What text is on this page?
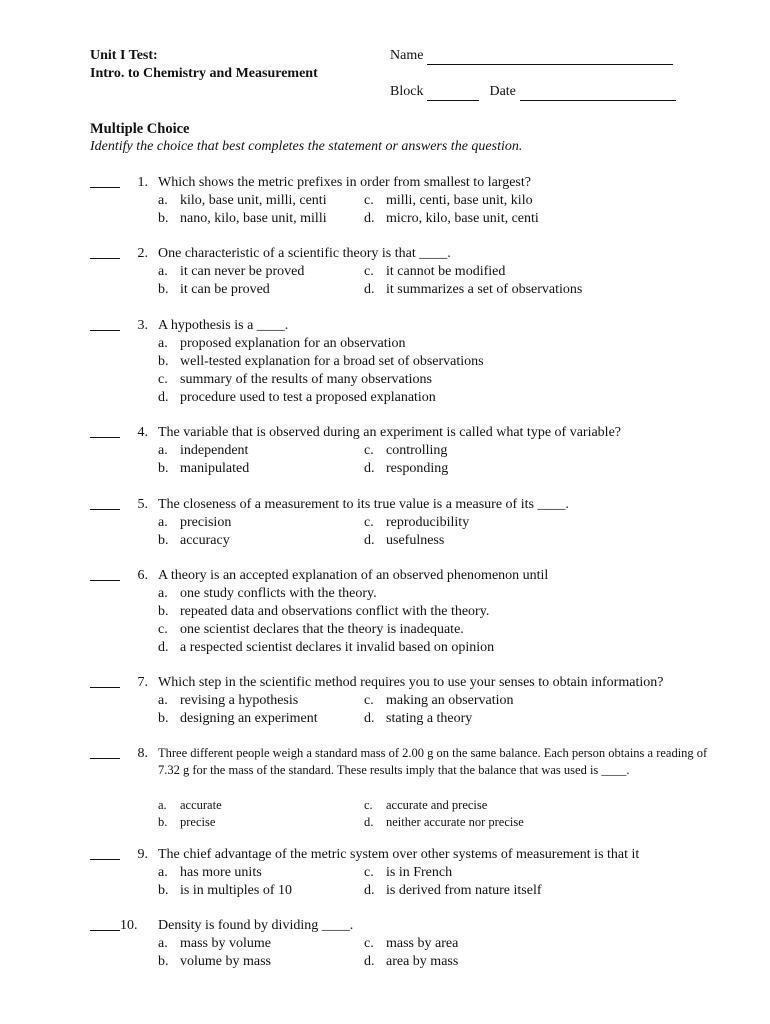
Unit I Test:
Intro. to Chemistry and Measurement
Name
Block	Date
Multiple Choice
Identify the choice that best completes the statement or answers the question.
1. Which shows the metric prefixes in order from smallest to largest?
a. kilo, base unit, milli, centi
b. nano, kilo, base unit, milli
c. milli, centi, base unit, kilo
d. micro, kilo, base unit, centi
2. One characteristic of a scientific theory is that ____.
a. it can never be proved
b. it can be proved
c. it cannot be modified
d. it summarizes a set of observations
3. A hypothesis is a ____.
a. proposed explanation for an observation
b. well-tested explanation for a broad set of observations
c. summary of the results of many observations
d. procedure used to test a proposed explanation
4. The variable that is observed during an experiment is called what type of variable?
a. independent
b. manipulated
c. controlling
d. responding
5. The closeness of a measurement to its true value is a measure of its ____.
a. precision
b. accuracy
c. reproducibility
d. usefulness
6. A theory is an accepted explanation of an observed phenomenon until
a. one study conflicts with the theory.
b. repeated data and observations conflict with the theory.
c. one scientist declares that the theory is inadequate.
d. a respected scientist declares it invalid based on opinion
7. Which step in the scientific method requires you to use your senses to obtain information?
a. revising a hypothesis
b. designing an experiment
c. making an observation
d. stating a theory
8. Three different people weigh a standard mass of 2.00 g on the same balance. Each person obtains a reading of 7.32 g for the mass of the standard. These results imply that the balance that was used is ____.
a. accurate
b. precise
c. accurate and precise
d. neither accurate nor precise
9. The chief advantage of the metric system over other systems of measurement is that it
a. has more units
b. is in multiples of 10
c. is in French
d. is derived from nature itself
10.	Density is found by dividing ____.
a. mass by volume
b. volume by mass
c. mass by area
d. area by mass
